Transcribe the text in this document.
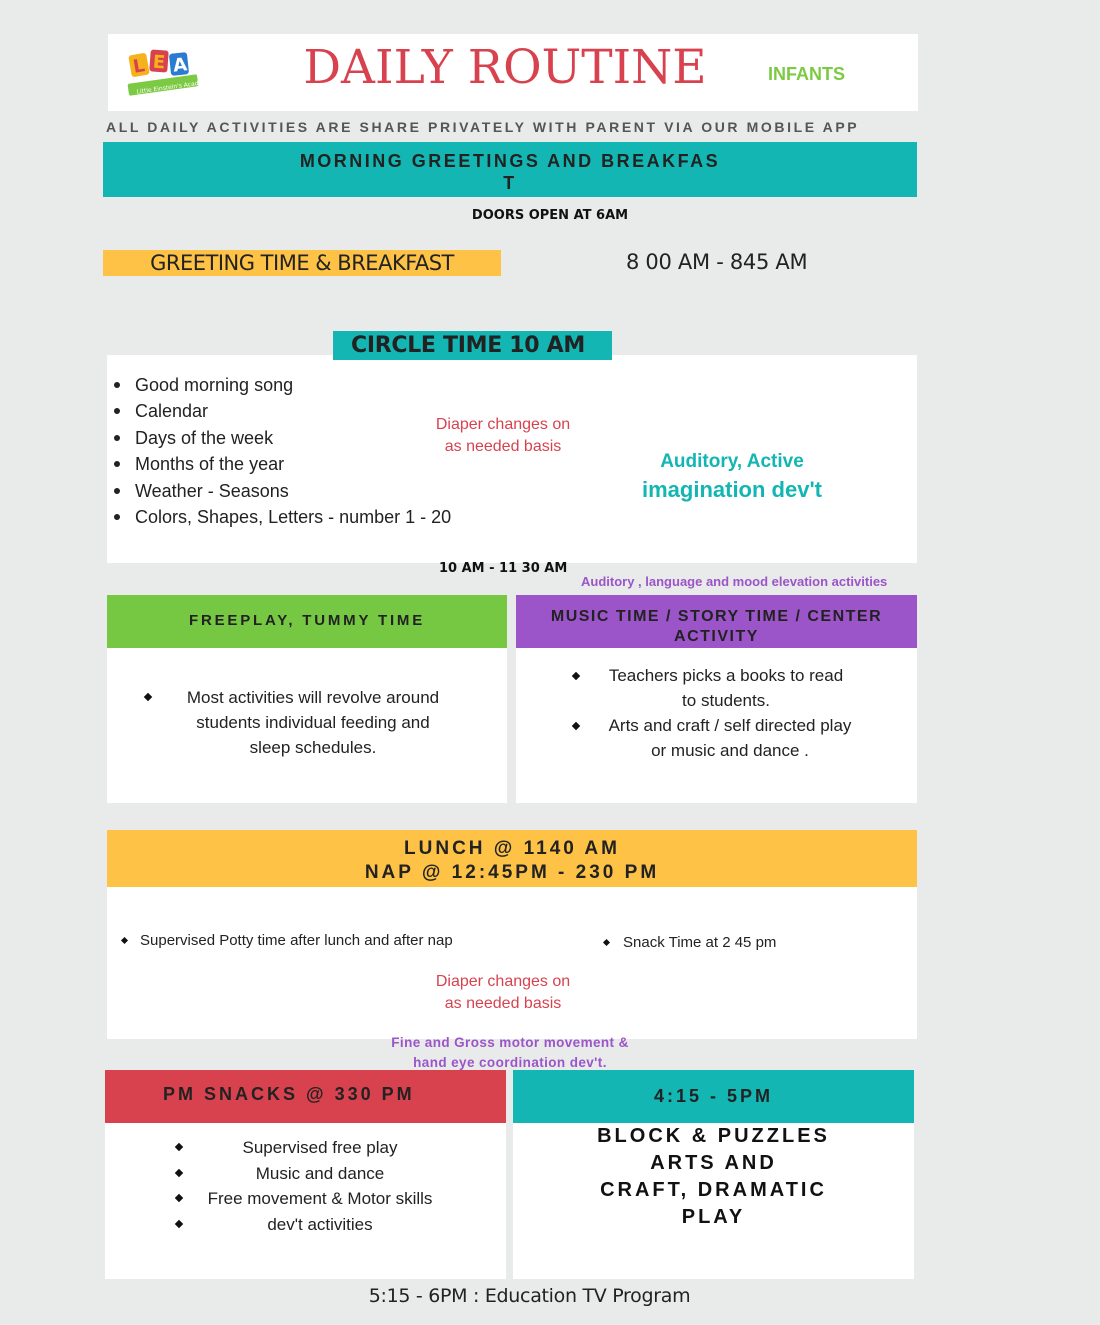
Little Einstein's Academy
L E A	DAILY ROUTINE	INFANTS
ALL DAILY ACTIVITIES ARE SHARE PRIVATELY WITH PARENT VIA OUR MOBILE APP
MORNING GREETINGS AND BREAKFAS
T
DOORS OPEN AT 6AM
GREETING TIME & BREAKFAST	8 00 AM - 845 AM
Good morning song
Calendar
Days of the week
Months of the year
Weather - Seasons
Colors, Shapes, Letters - number 1 - 20
Diaper changes on
as needed basis
CIRCLE TIME 10 AM
Auditory, Active
imagination dev't
10 AM - 11 30 AM
Auditory , language and mood elevation activities
FREEPLAY, TUMMY TIME	MUSIC TIME / STORY TIME / CENTER
ACTIVITY
Most activities will revolve around
students individual feeding and
sleep schedules.
Teachers picks a books to read
to students.
Arts and craft / self directed play
or music and dance .
LUNCH @ 1140 AM
NAP @ 12:45PM - 230 PM
Supervised Potty time after lunch and after nap	Snack Time at 2 45 pm
Diaper changes on
as needed basis
Fine and Gross motor movement &
hand eye coordination dev't.
PM SNACKS @ 330 PM
Supervised free play
Music and dance
Free movement & Motor skills
dev't activities
4:15 - 5PM
BLOCK & PUZZLES
ARTS AND
CRAFT, DRAMATIC
PLAY
5:15 - 6PM : Education TV Program
